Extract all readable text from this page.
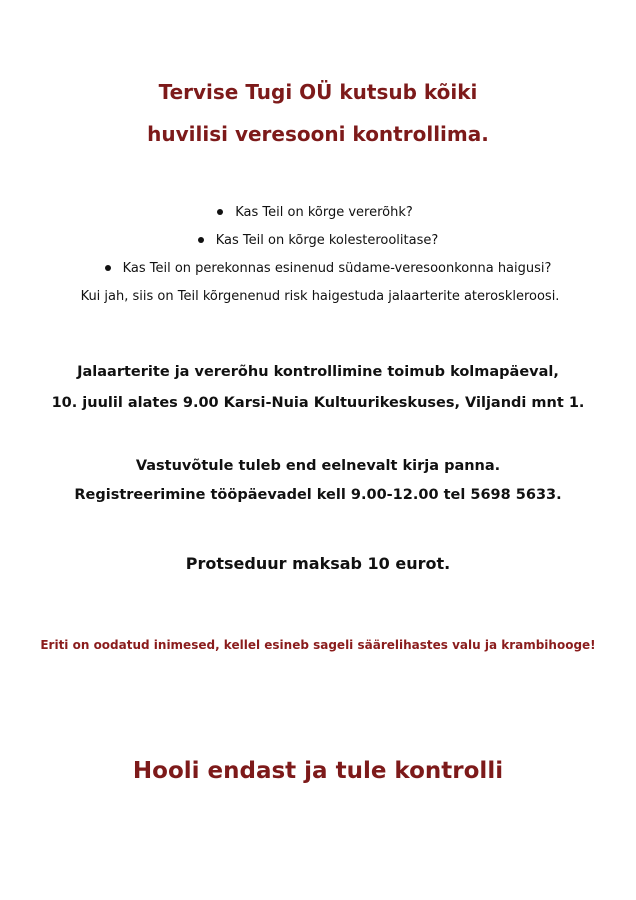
Tervise Tugi OÜ kutsub kõiki
huvilisi veresooni kontrollima.
Kas Teil on kõrge vererõhk?
Kas Teil on kõrge kolesteroolitase?
Kas Teil on perekonnas esinenud südame-veresoonkonna haigusi?
Kui jah, siis on Teil kõrgenenud risk haigestuda jalaarterite ateroskleroosi.
Jalaarterite ja vererõhu kontrollimine toimub kolmapäeval,
10. juulil alates 9.00 Karsi-Nuia Kultuurikeskuses, Viljandi mnt 1.
Vastuvõtule tuleb end eelnevalt kirja panna.
Registreerimine tööpäevadel kell 9.00-12.00 tel 5698 5633.
Protseduur maksab 10 eurot.
Eriti on oodatud inimesed, kellel esineb sageli säärelihastes valu ja krambihooge!
Hooli endast ja tule kontrolli
